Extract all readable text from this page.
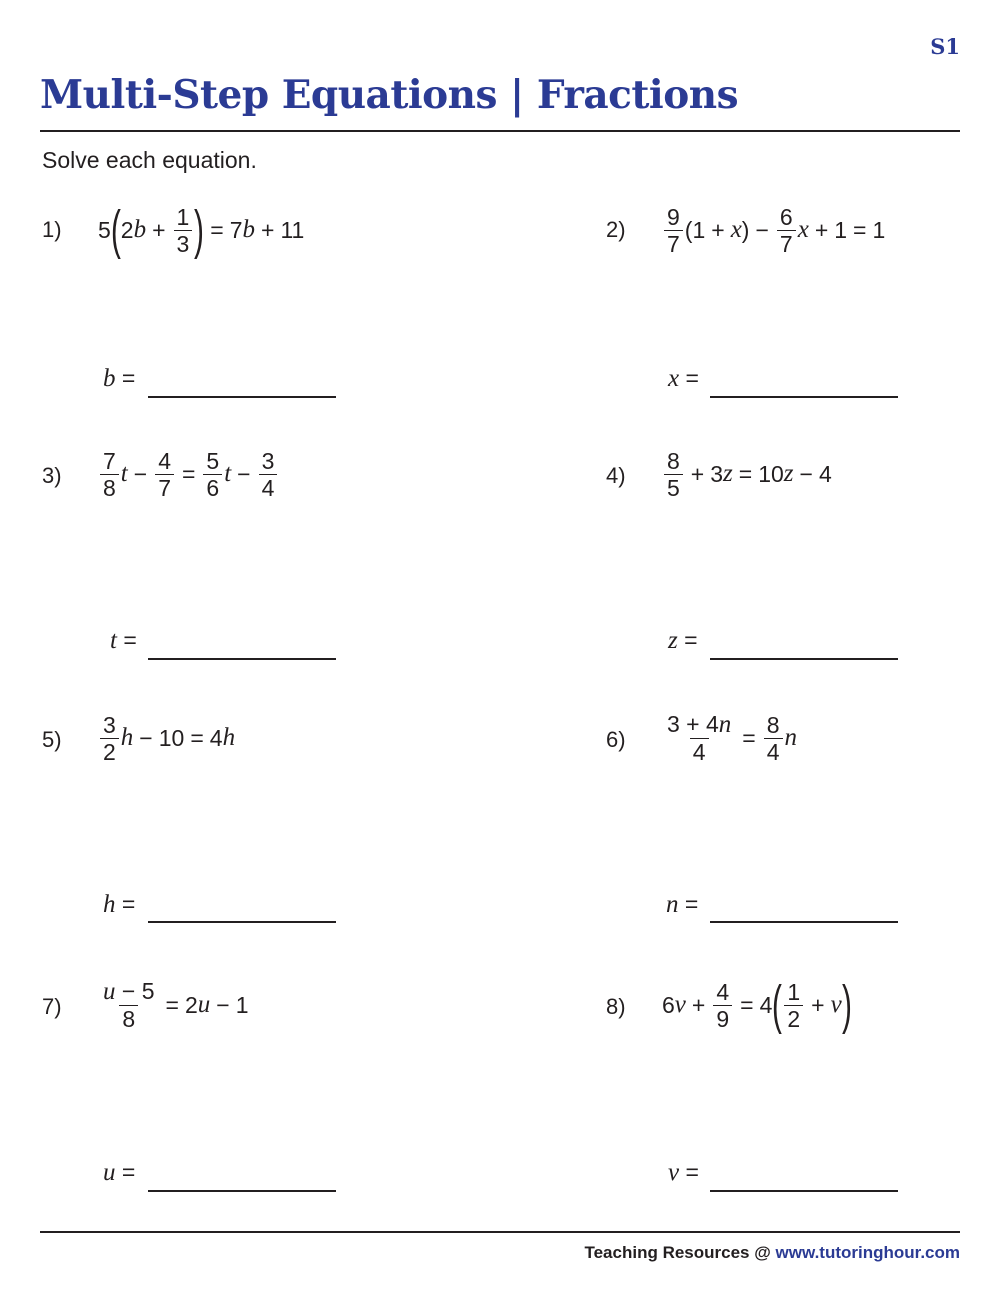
S1
Multi-Step Equations | Fractions
Solve each equation.
1) 5 ( 2 $b + \frac{1}{3}$ ) = 7 b + 11
b =
$2) \frac{9}{7} (1 + x$ ) − $\frac{6}{7}$ x + 1 = 1
x =
$3) \frac{7}{8}$ $t - \frac{4}{7} = \frac{5}{6}$ $t - \frac{3}{4}$
t =
$4) \frac{8}{5} + 3$ z = 10 z − 4
z =
$5) \frac{3}{2}$ h − 10 = 4 h
h =
$6) \frac{3 + 4n}{4} = \frac{8}{4}$ n
n =
$7) \frac{u - 5}{8} = 2$ u − 1
u =
8) 6 $v + \frac{4}{9} = 4$ ( $\frac{1}{2} + v$ )
v =
Teaching Resources @ www.tutoringhour.com
